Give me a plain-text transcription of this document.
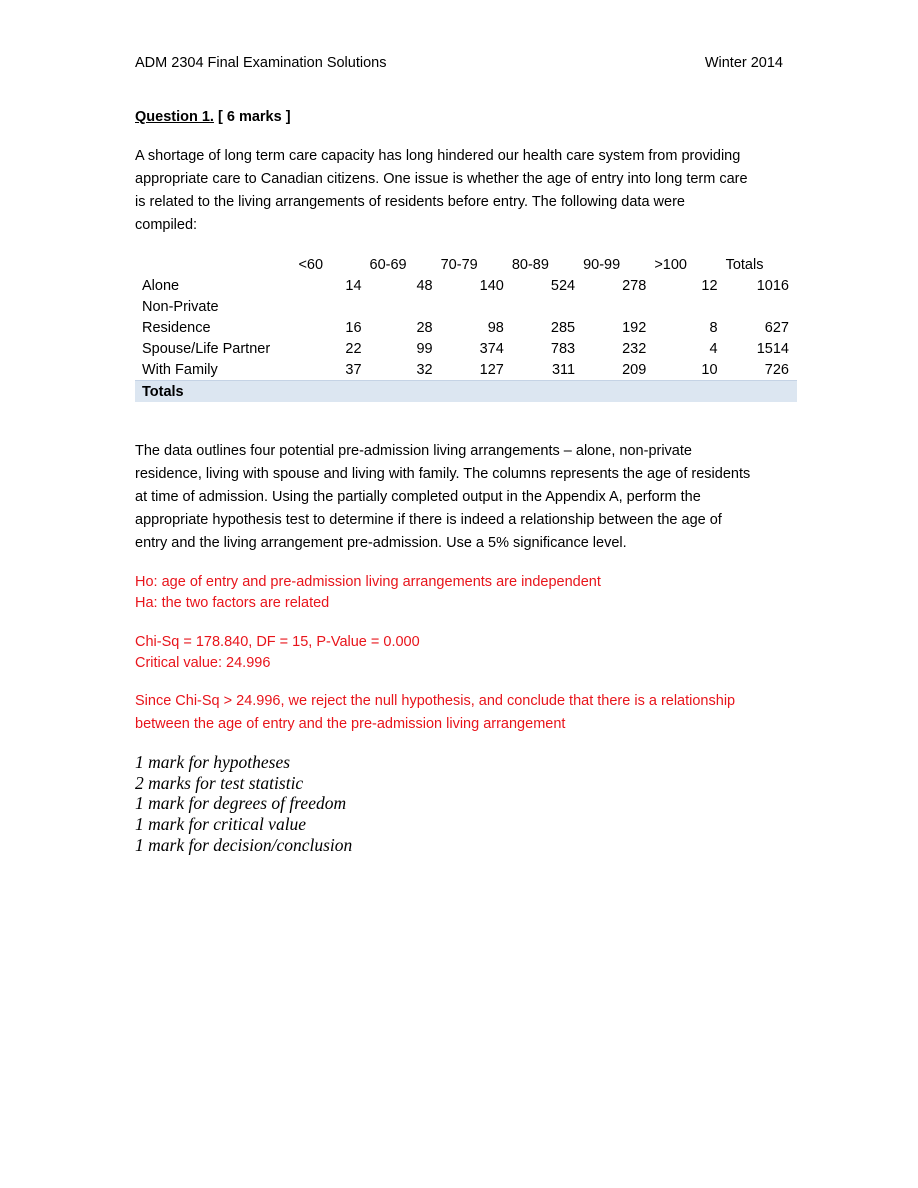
ADM 2304 Final Examination Solutions	Winter 2014
Question 1. [ 6 marks ]
A shortage of long term care capacity has long hindered our health care system from providing
appropriate care to Canadian citizens. One issue is whether the age of entry into long term care
is related to the living arrangements of residents before entry. The following data were
compiled:
	<60	60-69	70-79	80-89	90-99	>100	Totals
Alone	14	48	140	524	278	12	1016
Non-Private							
Residence	16	28	98	285	192	8	627
Spouse/Life Partner	22	99	374	783	232	4	1514
With Family	37	32	127	311	209	10	726
Totals							
The data outlines four potential pre-admission living arrangements – alone, non-private
residence, living with spouse and living with family. The columns represents the age of residents
at time of admission. Using the partially completed output in the Appendix A, perform the
appropriate hypothesis test to determine if there is indeed a relationship between the age of
entry and the living arrangement pre-admission. Use a 5% significance level.
Ho: age of entry and pre-admission living arrangements are independent
Ha: the two factors are related
Chi-Sq = 178.840, DF = 15, P-Value = 0.000
Critical value: 24.996
Since Chi-Sq > 24.996, we reject the null hypothesis, and conclude that there is a relationship
between the age of entry and the pre-admission living arrangement
1 mark for hypotheses
2 marks for test statistic
1 mark for degrees of freedom
1 mark for critical value
1 mark for decision/conclusion
